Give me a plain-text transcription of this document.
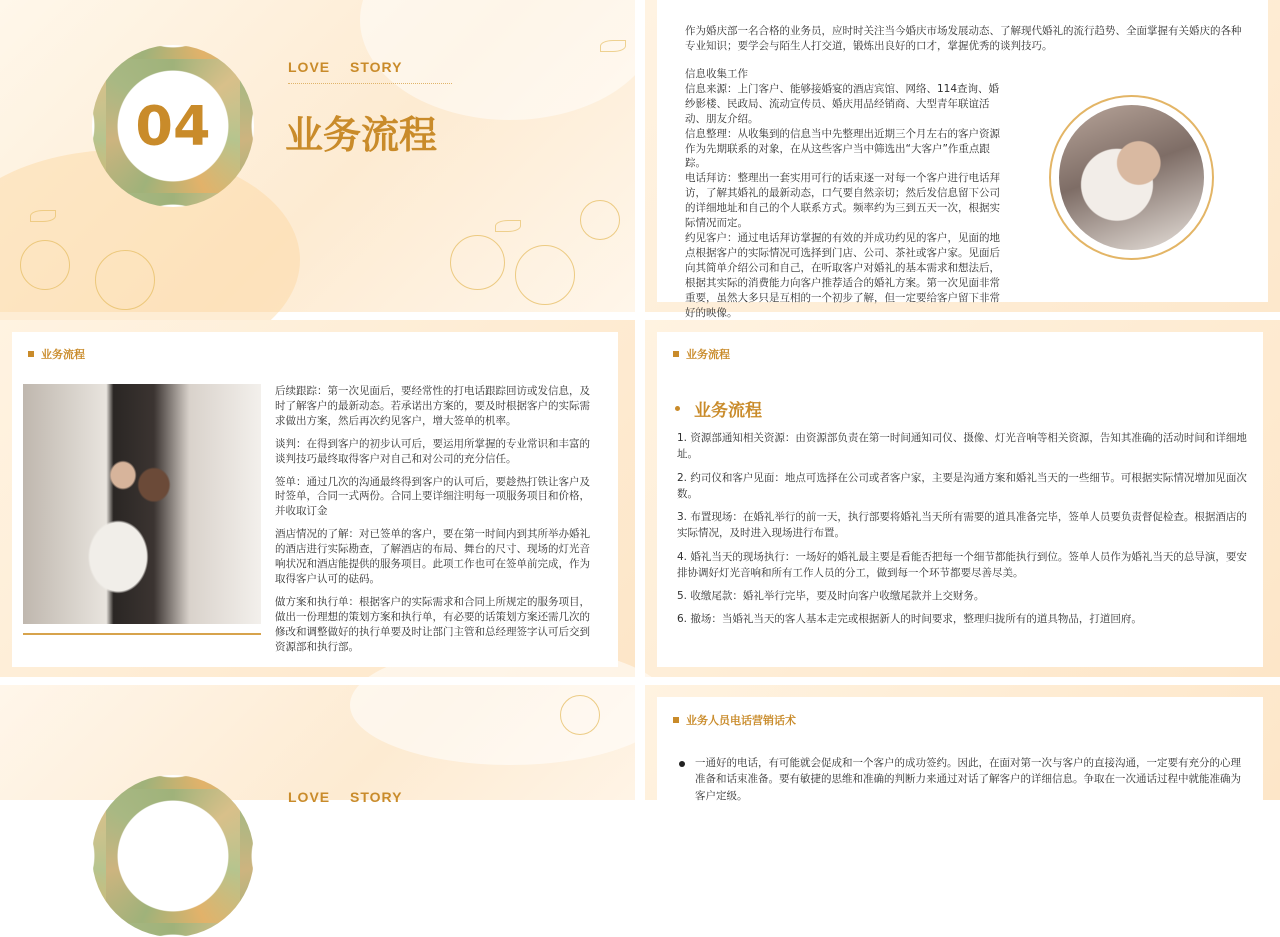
04
LOVE STORY
业务流程
作为婚庆部一名合格的业务员，应时时关注当今婚庆市场发展动态、了解现代婚礼的流行趋势、全面掌握有关婚庆的各种专业知识；要学会与陌生人打交道，锻炼出良好的口才，掌握优秀的谈判技巧。

信息收集工作

信息来源：上门客户、能够接婚宴的酒店宾馆、网络、114查询、婚纱影楼、民政局、流动宣传员、婚庆用品经销商、大型青年联谊活动、朋友介绍。

信息整理：从收集到的信息当中先整理出近期三个月左右的客户资源作为先期联系的对象，在从这些客户当中筛选出“大客户”作重点跟踪。

电话拜访：整理出一套实用可行的话束逐一对每一个客户进行电话拜访，了解其婚礼的最新动态，口气要自然亲切；然后发信息留下公司的详细地址和自己的个人联系方式。频率约为三到五天一次，根据实际情况而定。

约见客户：通过电话拜访掌握的有效的并成功约见的客户，见面的地点根据客户的实际情况可选择到门店、公司、茶社或客户家。见面后向其简单介绍公司和自己，在听取客户对婚礼的基本需求和想法后，根据其实际的消费能力向客户推荐适合的婚礼方案。第一次见面非常重要，虽然大多只是互相的一个初步了解，但一定要给客户留下非常好的映像。

业务流程

后续跟踪：第一次见面后，要经常性的打电话跟踪回访或发信息，及时了解客户的最新动态。若承诺出方案的，要及时根据客户的实际需求做出方案，然后再次约见客户，增大签单的机率。

谈判：在得到客户的初步认可后，要运用所掌握的专业常识和丰富的谈判技巧最终取得客户对自己和对公司的充分信任。

签单：通过几次的沟通最终得到客户的认可后，要趁热打铁让客户及时签单，合同一式两份。合同上要详细注明每一项服务项目和价格，并收取订金

酒店情况的了解：对已签单的客户，要在第一时间内到其所举办婚礼的酒店进行实际勘查，了解酒店的布局、舞台的尺寸、现场的灯光音响状况和酒店能提供的服务项目。此项工作也可在签单前完成，作为取得客户认可的砝码。

做方案和执行单：根据客户的实际需求和合同上所规定的服务项目，做出一份理想的策划方案和执行单，有必要的话策划方案还需几次的修改和调整做好的执行单要及时让部门主管和总经理签字认可后交到资源部和执行部。

业务流程
业务流程
1. 资源部通知相关资源：由资源部负责在第一时间通知司仪、摄像、灯光音响等相关资源，告知其准确的活动时间和详细地址。
2. 约司仪和客户见面：地点可选择在公司或者客户家，主要是沟通方案和婚礼当天的一些细节。可根据实际情况增加见面次数。
3. 布置现场：在婚礼举行的前一天，执行部要将婚礼当天所有需要的道具准备完毕，签单人员要负责督促检查。根据酒店的实际情况，及时进入现场进行布置。
4. 婚礼当天的现场执行：一场好的婚礼最主要是看能否把每一个细节都能执行到位。签单人员作为婚礼当天的总导演，要安排协调好灯光音响和所有工作人员的分工，做到每一个环节都要尽善尽美。
5. 收缴尾款：婚礼举行完毕，要及时向客户收缴尾款并上交财务。
6. 撤场：当婚礼当天的客人基本走完或根据新人的时间要求，整理归拢所有的道具物品，打道回府。
LOVE STORY
业务人员电话营销话术
一通好的电话，有可能就会促成和一个客户的成功签约。因此，在面对第一次与客户的直接沟通，一定要有充分的心理准备和话束准备。要有敏捷的思维和准确的判断力来通过对话了解客户的详细信息。争取在一次通话过程中就能准确为客户定级。
